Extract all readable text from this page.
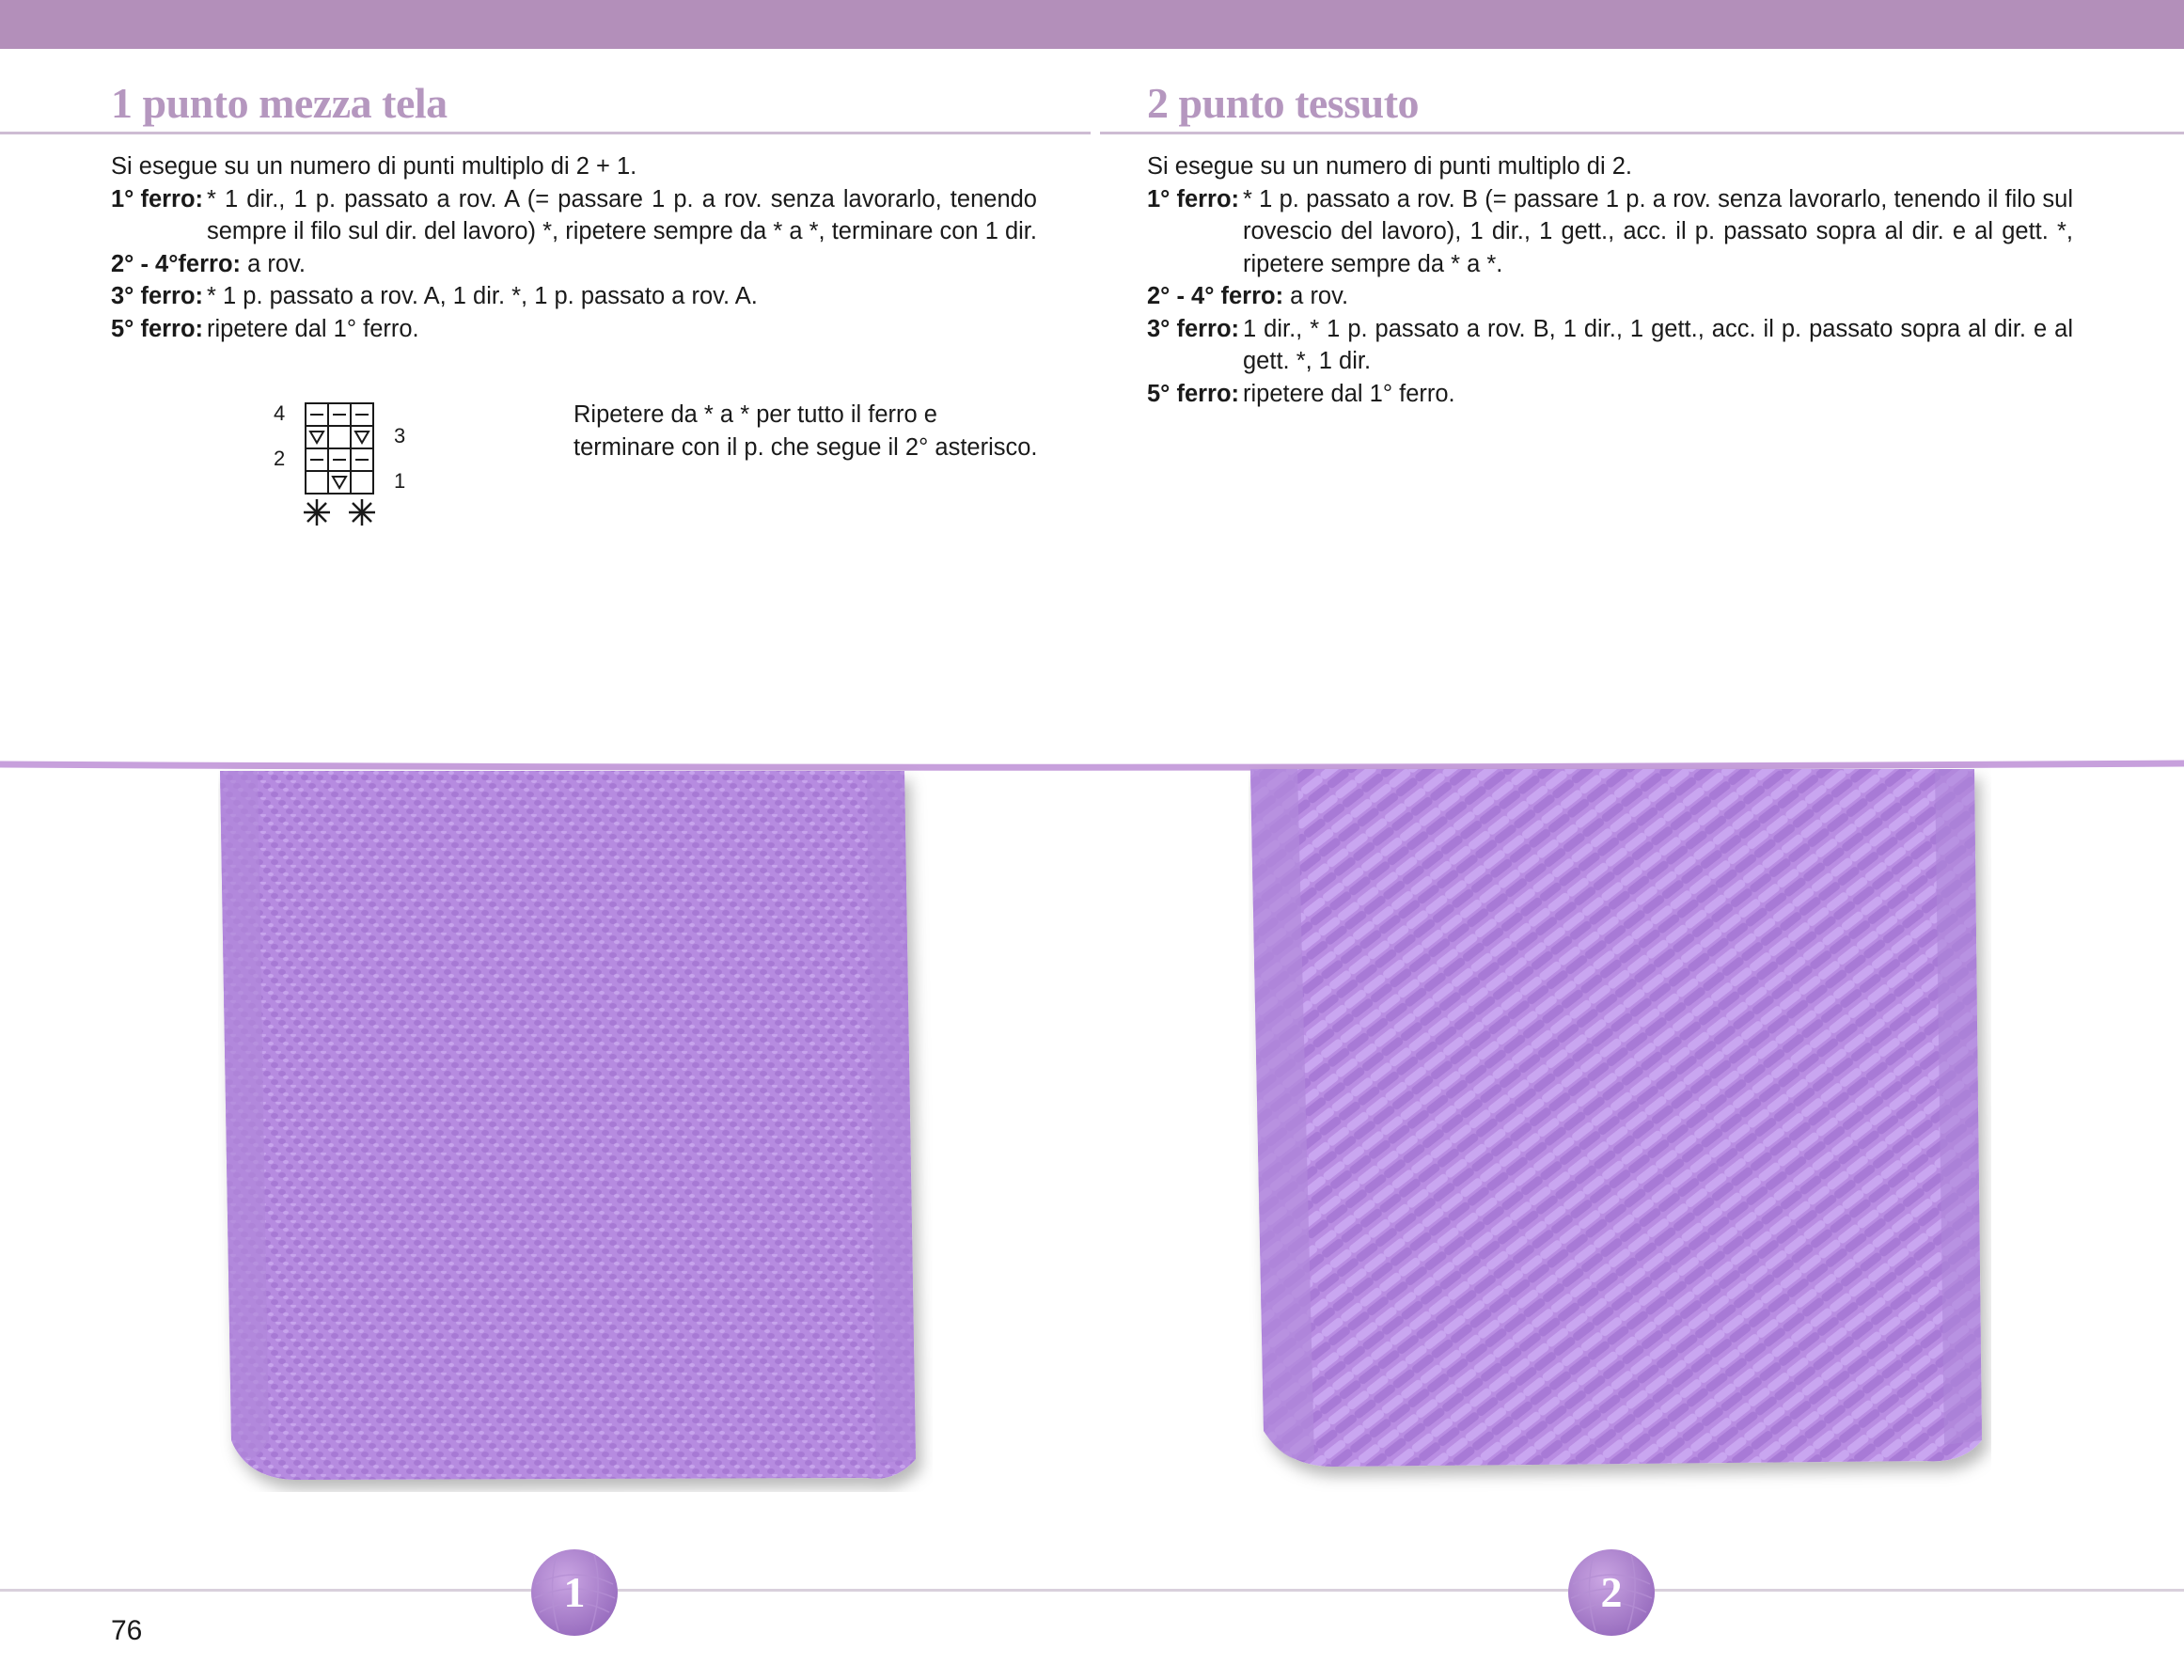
1 punto mezza tela

Si esegue su un numero di punti multiplo di 2 + 1.

1° ferro: * 1 dir., 1 p. passato a rov. A (= passare 1 p. a rov. senza lavorarlo, tenendo sempre il filo sul dir. del lavoro) *, ripetere sempre da * a *, terminare con 1 dir.
2° - 4°ferro: a rov.
3° ferro: * 1 p. passato a rov. A, 1 dir. *, 1 p. passato a rov. A.
5° ferro: ripetere dal 1° ferro.
4
2
3
1

Ripetere da * a * per tutto il ferro e terminare con il p. che segue il 2° asterisco.

2 punto tessuto

Si esegue su un numero di punti multiplo di 2.

1° ferro: * 1 p. passato a rov. B (= passare 1 p. a rov. senza lavorarlo, tenendo il filo sul rovescio del lavoro), 1 dir., 1 gett., acc. il p. passato sopra al dir. e al gett. *, ripetere sempre da * a *.
2° - 4° ferro: a rov.
3° ferro: 1 dir., * 1 p. passato a rov. B, 1 dir., 1 gett., acc. il p. passato sopra al dir. e al gett. *, 1 dir.
5° ferro: ripetere dal 1° ferro.
1	2
76
